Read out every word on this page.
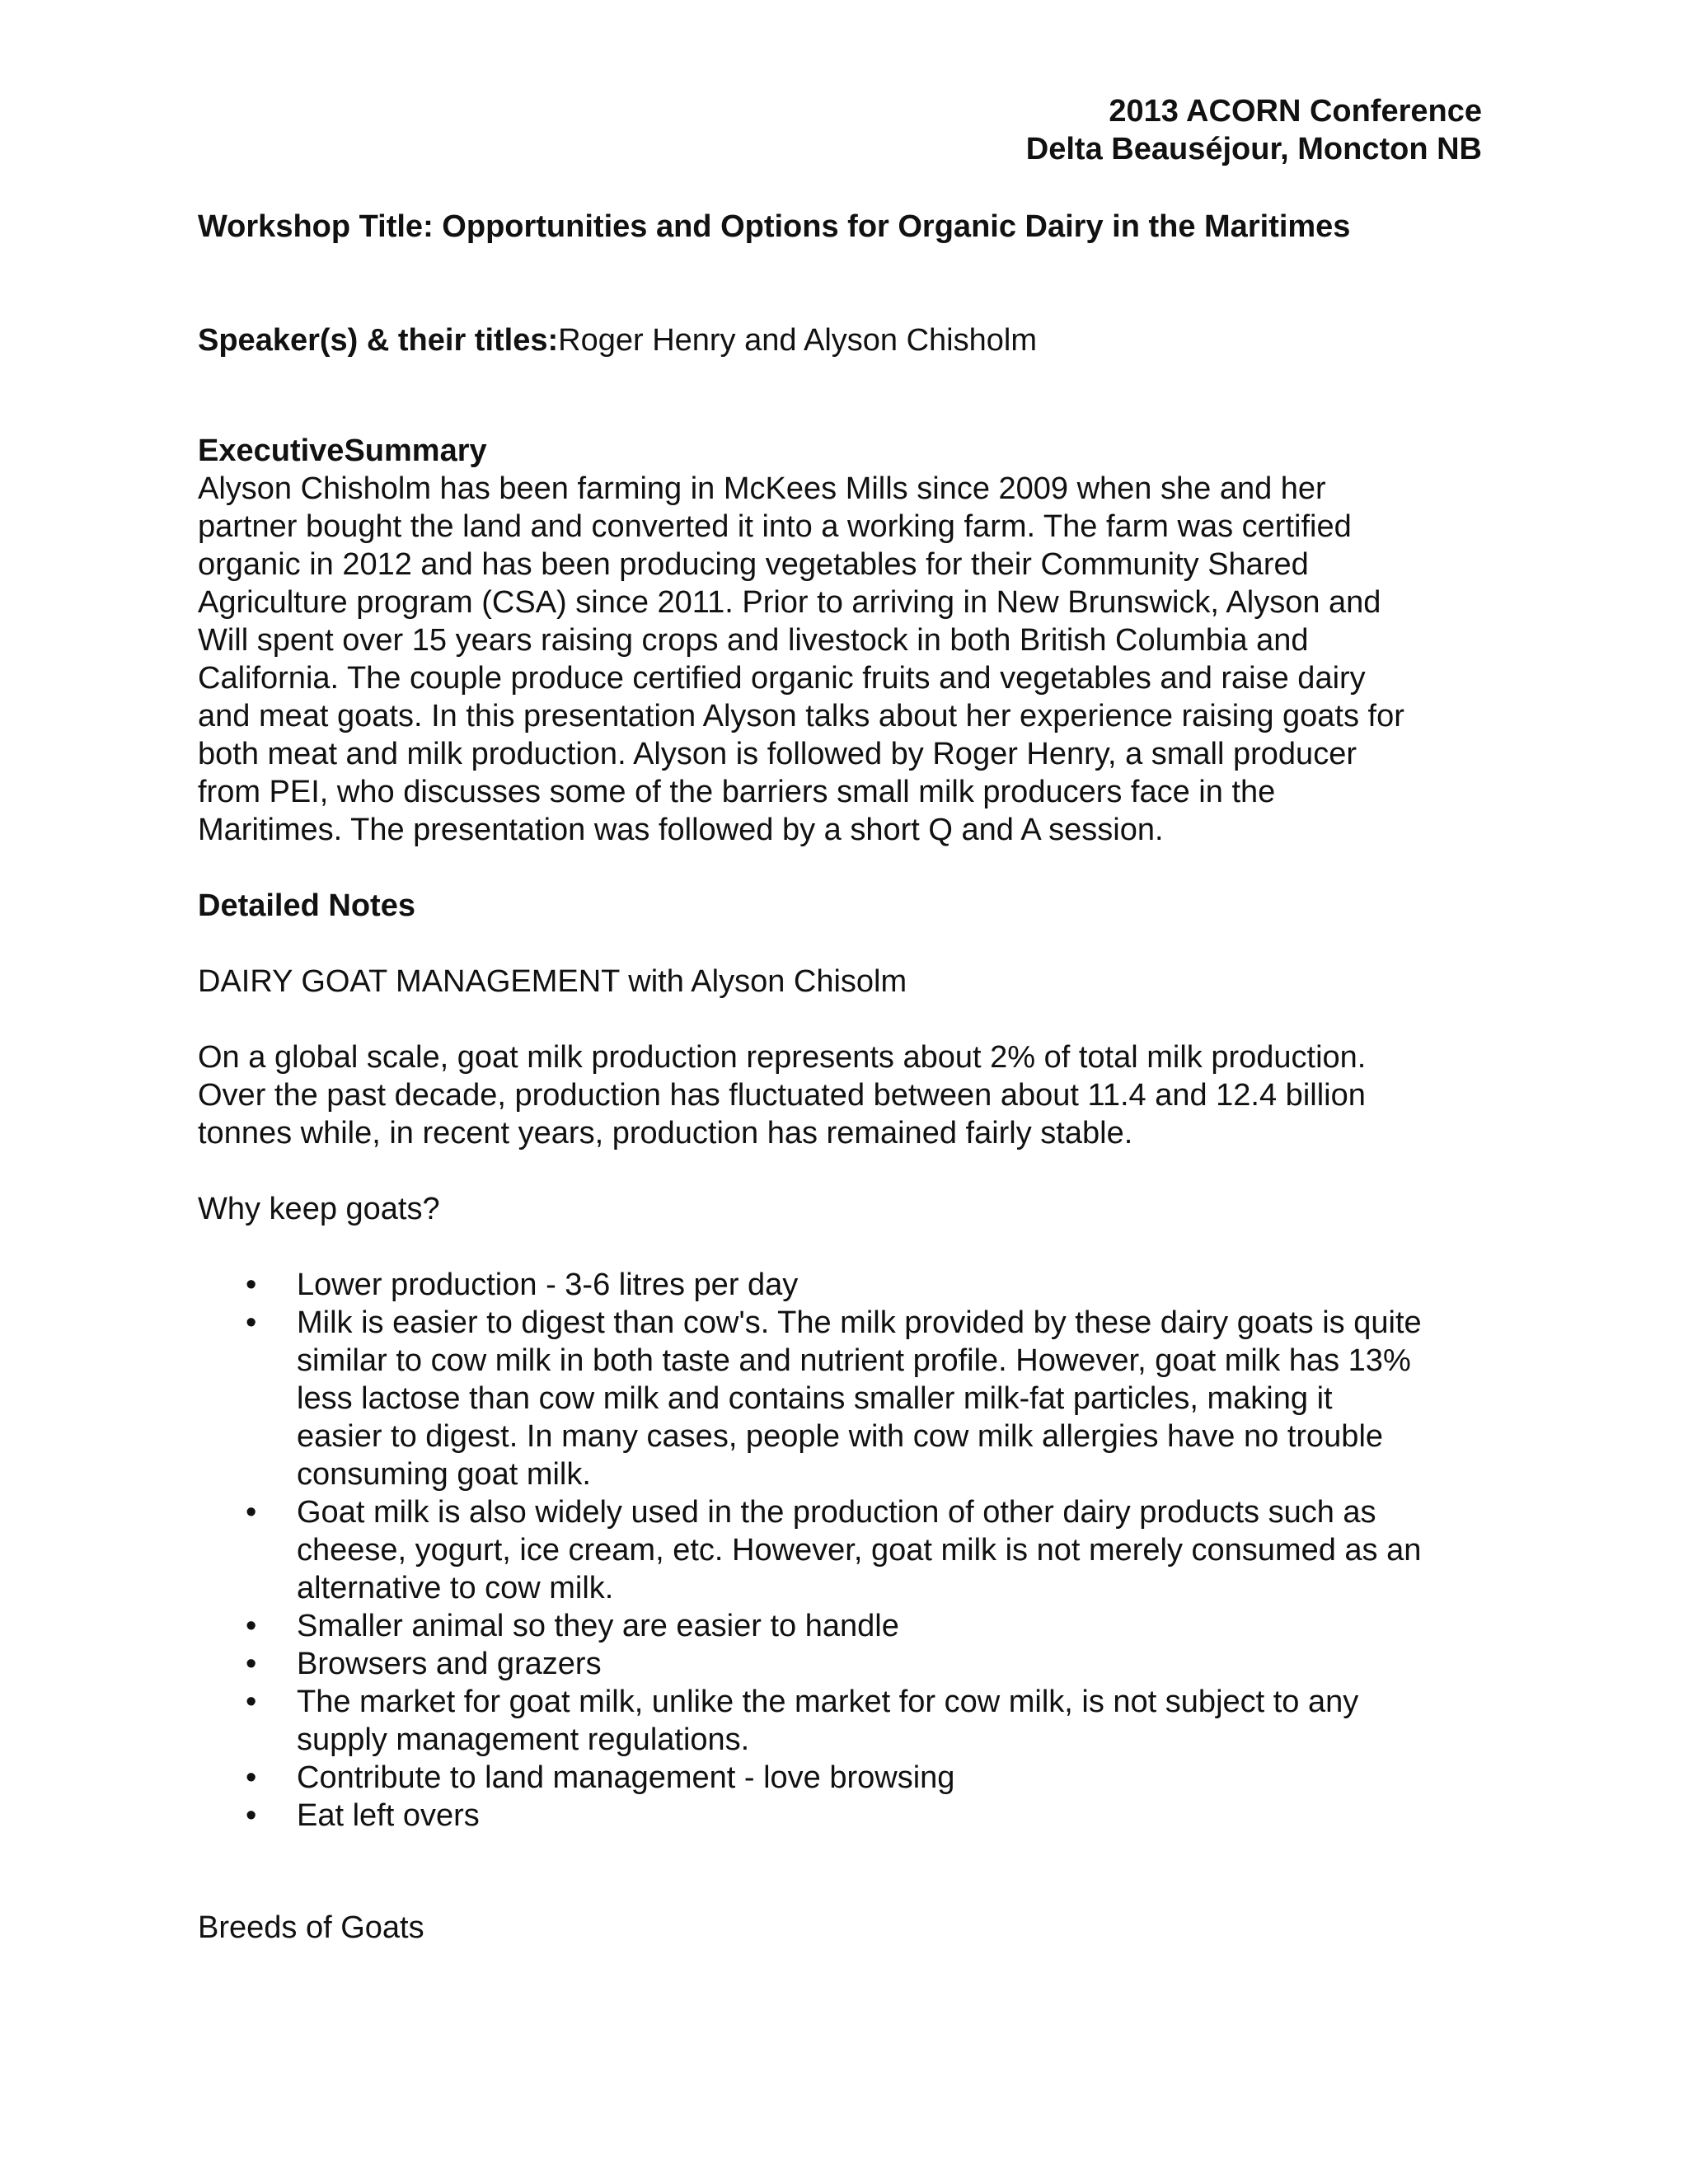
2013 ACORN Conference
Delta Beauséjour, Moncton NB

Workshop Title: Opportunities and Options for Organic Dairy in the Maritimes

Speaker(s) & their titles:Roger Henry and Alyson Chisholm

ExecutiveSummary

Alyson Chisholm has been farming in McKees Mills since 2009 when she and her
partner bought the land and converted it into a working farm. The farm was certified
organic in 2012 and has been producing vegetables for their Community Shared
Agriculture program (CSA) since 2011. Prior to arriving in New Brunswick, Alyson and
Will spent over 15 years raising crops and livestock in both British Columbia and
California. The couple produce certified organic fruits and vegetables and raise dairy
and meat goats. In this presentation Alyson talks about her experience raising goats for
both meat and milk production. Alyson is followed by Roger Henry, a small producer
from PEI, who discusses some of the barriers small milk producers face in the
Maritimes. The presentation was followed by a short Q and A session.

Detailed Notes

DAIRY GOAT MANAGEMENT with Alyson Chisolm

On a global scale, goat milk production represents about 2% of total milk production.
Over the past decade, production has fluctuated between about 11.4 and 12.4 billion
tonnes while, in recent years, production has remained fairly stable.

Why keep goats?

• Lower production - 3-6 litres per day
• Milk is easier to digest than cow's. The milk provided by these dairy goats is quite
similar to cow milk in both taste and nutrient profile. However, goat milk has 13%
less lactose than cow milk and contains smaller milk-fat particles, making it
easier to digest. In many cases, people with cow milk allergies have no trouble
consuming goat milk.
• Goat milk is also widely used in the production of other dairy products such as
cheese, yogurt, ice cream, etc. However, goat milk is not merely consumed as an
alternative to cow milk.
• Smaller animal so they are easier to handle
• Browsers and grazers
• The market for goat milk, unlike the market for cow milk, is not subject to any
supply management regulations.
• Contribute to land management - love browsing
• Eat left overs

Breeds of Goats
